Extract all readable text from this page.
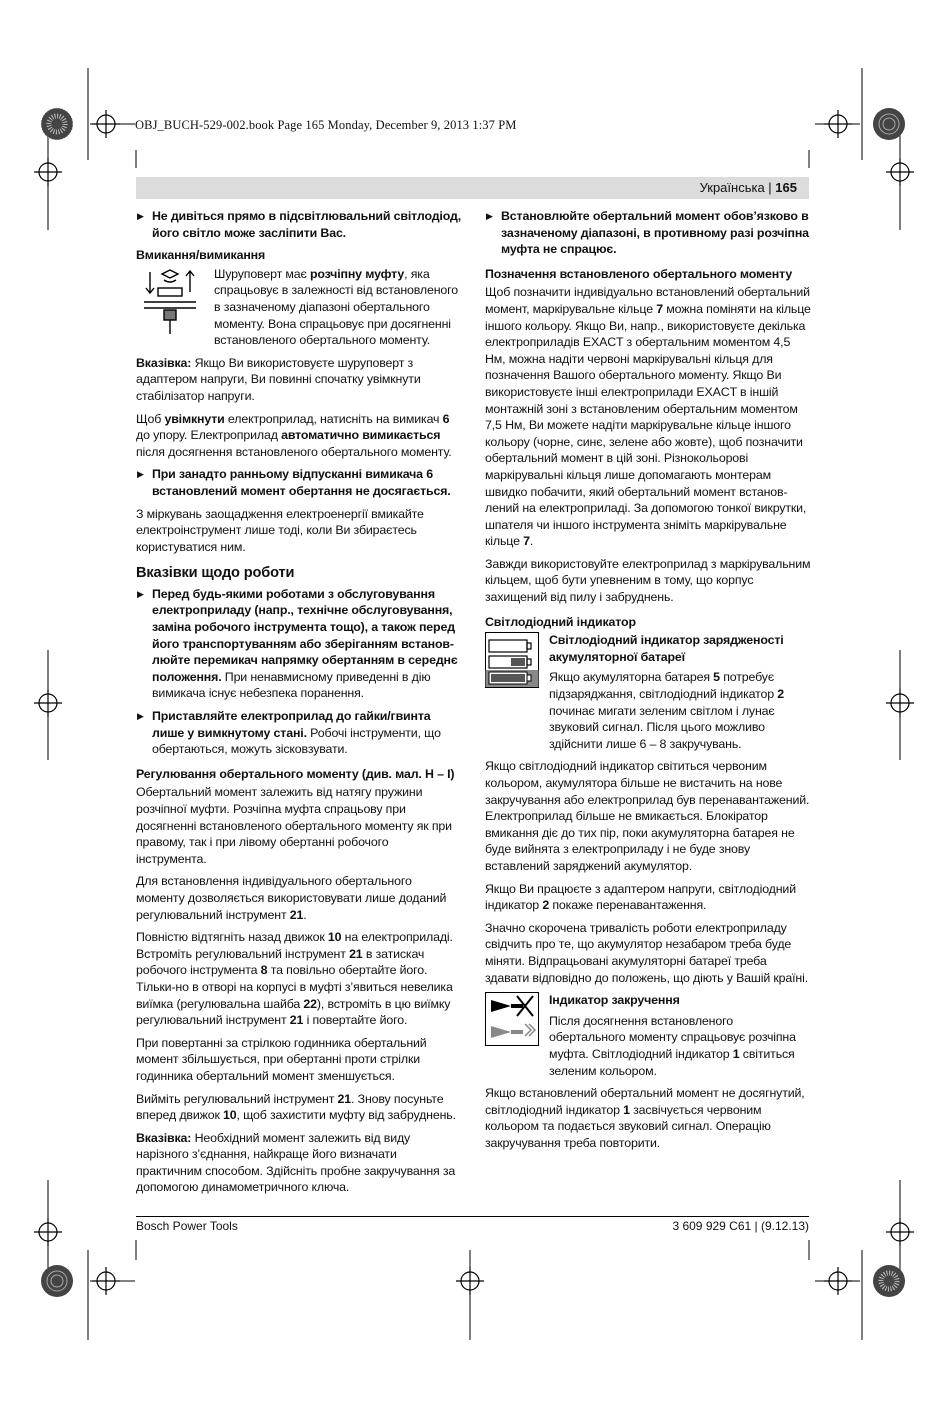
OBJ_BUCH-529-002.book Page 165 Monday, December 9, 2013 1:37 PM
Українська | 165
▶ Не дивіться прямо в підсвітлювальний світлодіод, його світло може засліпити Вас.
Вмикання/вимикання
Шуруповерт має розчіпну муфту, яка спрацьовує в залежності від встановленого в зазначеному діапазоні обертального моменту. Вона спрацьовує при досягненні встановленого обертального моменту.

Вказівка: Якщо Ви використовуєте шуруповерт з адаптером напруги, Ви повинні спочатку увімкнути стабілізатор напруги.

Щоб увімкнути електроприлад, натисніть на вимикач 6 до упору. Електроприлад автоматично вимикається після досягнення встановленого обертального моменту.

▶ При занадто ранньому відпусканні вимикача 6 встановлений момент обертання не досягається.

З міркувань заощадження електроенергії вмикайте електроінструмент лише тоді, коли Ви збираєтесь користуватися ним.

Вказівки щодо роботи
▶ Перед будь-якими роботами з обслуговування електроприладу (напр., технічне обслуговування, заміна робочого інструмента тощо), а також перед його транспортуванням або зберіганням встановлюйте перемикач напрямку обертанням в середнє положення. При ненавмисному приведенні в дію вимикача існує небезпека поранення.
▶ Приставляйте електроприлад до гайки/гвинта лише у вимкнутому стані. Робочі інструменти, що обертаються, можуть зісковзувати.
Регулювання обертального моменту (див. мал. H – I)

Обертальний момент залежить від натягу пружини розчіпної муфти. Розчіпна муфта спрацьову при досягненні встановленого обертального моменту як при правому, так і при лівому обертанні робочого інструмента.

Для встановлення індивідуального обертального моменту дозволяється використовувати лише доданий регулювальний інструмент 21.

Повністю відтягніть назад движок 10 на електроприладі. Встроміть регулювальний інструмент 21 в затискач робочого інструмента 8 та повільно обертайте його. Тільки-но в отворі на корпусі в муфті з’явиться невелика виїмка (регулювальна шайба 22), встроміть в цю виїмку регулювальний інструмент 21 і повертайте його.

При повертанні за стрілкою годинника обертальний момент збільшується, при обертанні проти стрілки годинника обертальний момент зменшується.

Вийміть регулювальний інструмент 21. Знову посуньте вперед движок 10, щоб захистити муфту від забруднень.

Вказівка: Необхідний момент залежить від виду нарізного з’єднання, найкраще його визначати практичним способом. Здійсніть пробне закручування за допомогою динамометричного ключа.

▶ Встановлюйте обертальний момент обов’язково в зазначеному діапазоні, в противному разі розчіпна муфта не спрацює.
Позначення встановленого обертального моменту

Щоб позначити індивідуально встановлений обертальний момент, маркірувальне кільце 7 можна поміняти на кільце іншого кольору. Якщо Ви, напр., використовуєте декілька електроприладів EXACT з обертальним моментом 4,5 Нм, можна надіти червоні маркірувальні кільця для позначення Вашого обертального моменту. Якщо Ви використовуєте інші електроприлади EXACT в іншій монтажній зоні з встановленим обертальним моментом 7,5 Нм, Ви можете надіти маркірувальне кільце іншого кольору (чорне, синє, зелене або жовте), щоб позначити обертальний момент в цій зоні. Різнокольорові маркірувальні кільця лише допомагають монтерам швидко побачити, який обертальний момент встановлений на електроприладі. За допомогою тонкої викрутки, шпателя чи іншого інструмента зніміть маркірувальне кільце 7.

Завжди використовуйте електроприлад з маркірувальним кільцем, щоб бути упевненим в тому, що корпус захищений від пилу і забруднень.

Світлодіодний індикатор
Світлодіодний індикатор зарядженості акумуляторної батареї
Якщо акумуляторна батарея 5 потребує підзаряджання, світлодіодний індикатор 2 починає мигати зеленим світлом і лунає звуковий сигнал. Після цього можливо здійснити лише 6 – 8 закручувань.

Якщо світлодіодний індикатор світиться червоним кольором, акумулятора більше не вистачить на нове закручування або електроприлад був перенавантажений. Електроприлад більше не вмикається. Блокіратор вмикання діє до тих пір, поки акумуляторна батарея не буде вийнята з електроприладу і не буде знову вставлений заряджений акумулятор.

Якщо Ви працюєте з адаптером напруги, світлодіодний індикатор 2 покаже перенавантаження.

Значно скорочена тривалість роботи електроприладу свідчить про те, що акумулятор незабаром треба буде міняти. Відпрацьовані акумуляторні батареї треба здавати відповідно до положень, що діють у Вашій країні.

Індикатор закручення
Після досягнення встановленого обертального моменту спрацьовує розчіпна муфта. Світлодіодний індикатор 1 світиться зеленим кольором.

Якщо встановлений обертальний момент не досягнутий, світлодіодний індикатор 1 засвічується червоним кольором та подається звуковий сигнал. Операцію закручування треба повторити.

Bosch Power Tools	3 609 929 C61 | (9.12.13)
